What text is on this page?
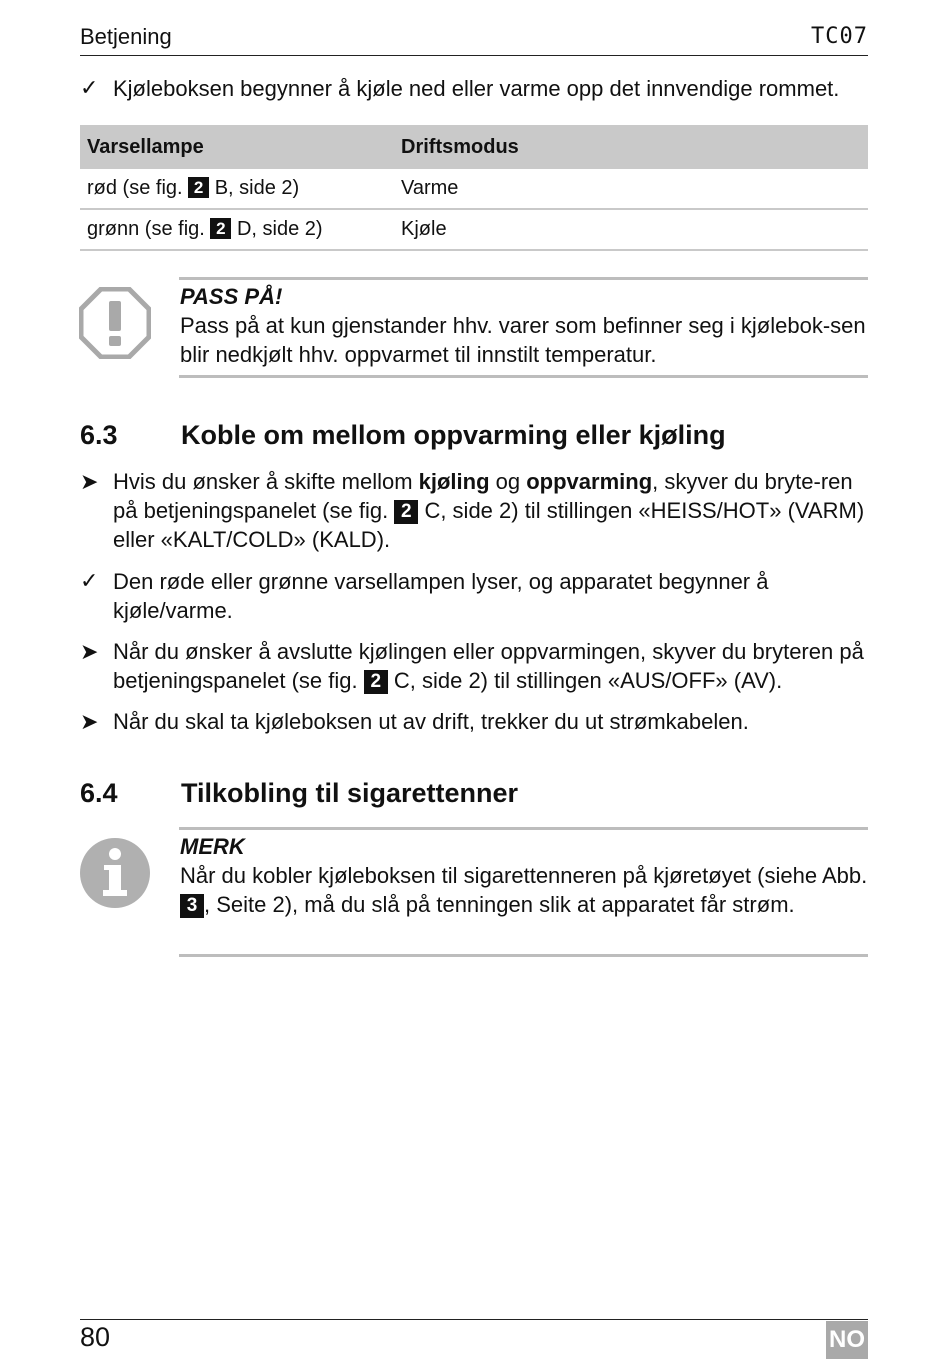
Betjening	TC07
✓ Kjøleboksen begynner å kjøle ned eller varme opp det innvendige rommet.
Varsellampe	Driftsmodus
rød (se fig. 2 B, side 2)	Varme
grønn (se fig. 2 D, side 2)	Kjøle
PASS PÅ!
Pass på at kun gjenstander hhv. varer som befinner seg i kjølebok-sen blir nedkjølt hhv. oppvarmet til innstilt temperatur.
6.3 Koble om mellom oppvarming eller kjøling
➤ Hvis du ønsker å skifte mellom kjøling og oppvarming, skyver du bryte-ren på betjeningspanelet (se fig. 2 C, side 2) til stillingen «HEISS/HOT» (VARM) eller «KALT/COLD» (KALD).
✓ Den røde eller grønne varsellampen lyser, og apparatet begynner å kjøle/varme.
➤ Når du ønsker å avslutte kjølingen eller oppvarmingen, skyver du bryteren på betjeningspanelet (se fig. 2 C, side 2) til stillingen «AUS/OFF» (AV).
➤ Når du skal ta kjøleboksen ut av drift, trekker du ut strømkabelen.
6.4 Tilkobling til sigarettenner
MERK
Når du kobler kjøleboksen til sigarettenneren på kjøretøyet (siehe Abb. 3 , Seite 2), må du slå på tenningen slik at apparatet får strøm.
80	NO
